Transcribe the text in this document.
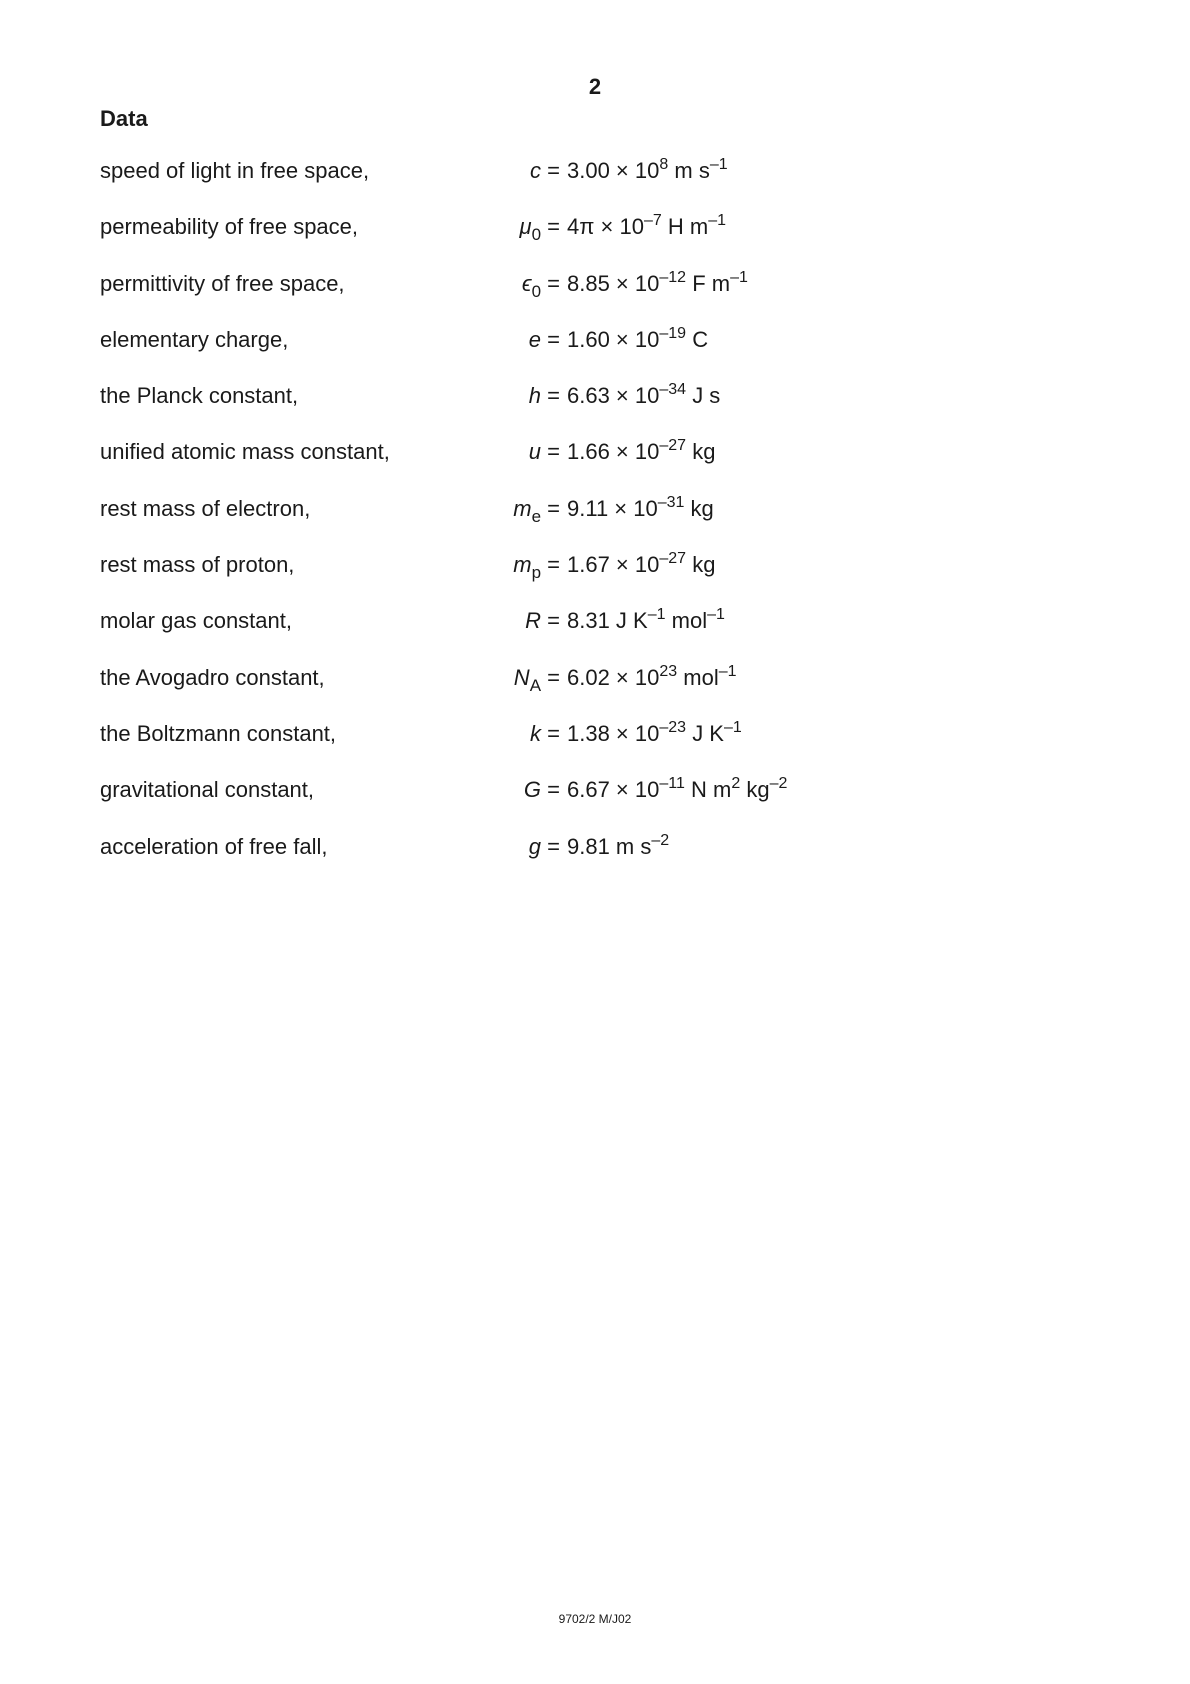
2
Data
speed of light in free space,	$c = 3.00 \times 10^8$ m $s^{-1}$
permeability of free space,	$\mu_0 = 4\pi \times 10^{-7}$ H $m^{-1}$
permittivity of free space,	$\epsilon_0 = 8.85 \times 10^{-12}$ F $m^{-1}$
elementary charge,	$e = 1.60 \times 10^{-19}$ C
the Planck constant,	$h = 6.63 \times 10^{-34}$ J s
unified atomic mass constant,	$u = 1.66 \times 10^{-27}$ kg
rest mass of electron,	$m_e = 9.11 \times 10^{-31}$ kg
rest mass of proton,	$m_p = 1.67 \times 10^{-27}$ kg
molar gas constant,	R = 8.31 J $K^{-1}$ mol$^{-1}$
the Avogadro constant,	$N_A = 6.02 \times 10^{23}$ mol$^{-1}$
the Boltzmann constant,	$k = 1.38 \times 10^{-23}$ J $K^{-1}$
gravitational constant,	$G = 6.67 \times 10^{-11}$ N $m^2$ $kg^{-2}$
acceleration of free fall,	g = 9.81 m $s^{-2}$
9702/2 M/J02
